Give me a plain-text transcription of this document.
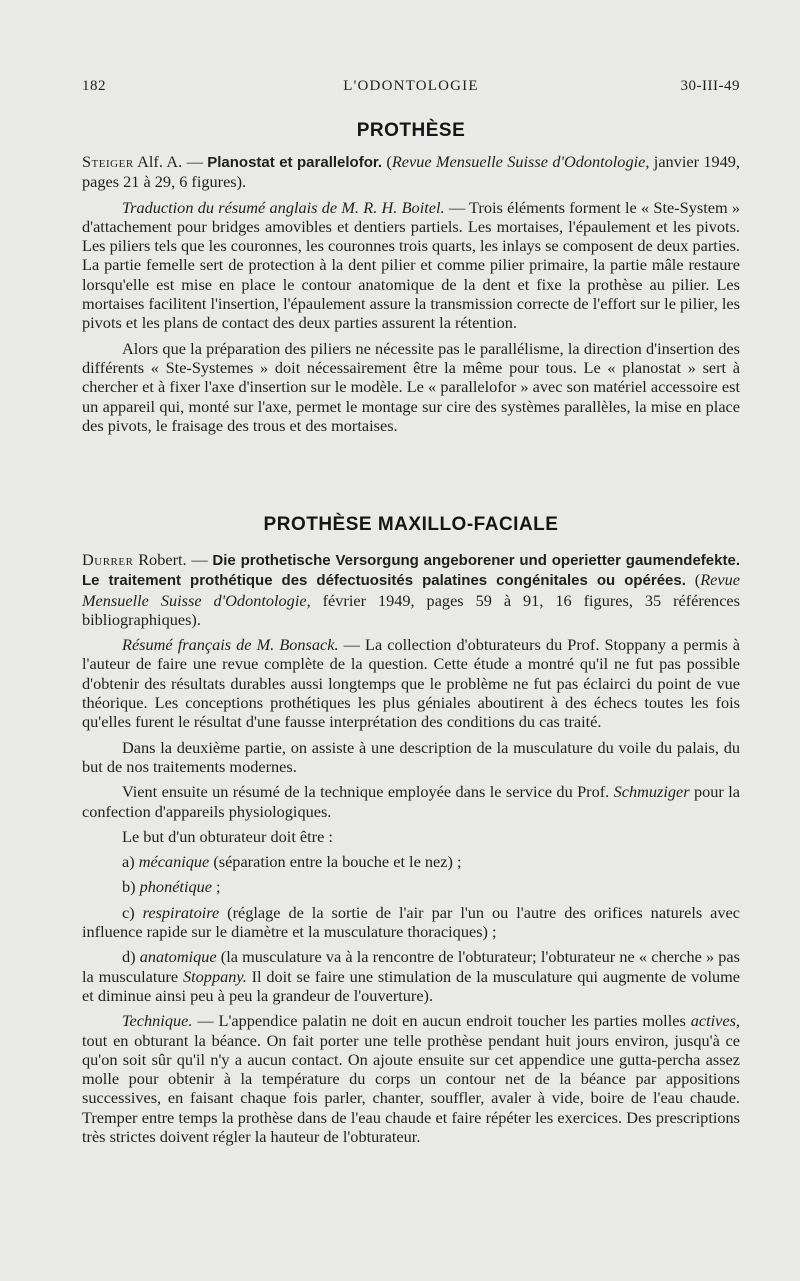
182	L'ODONTOLOGIE	30-III-49
PROTHÈSE

Steiger Alf. A. — Planostat et parallelofor. (Revue Mensuelle Suisse d'Odontologie, janvier 1949, pages 21 à 29, 6 figures).

Traduction du résumé anglais de M. R. H. Boitel. — Trois éléments forment le « Ste-System » d'attachement pour bridges amovibles et dentiers partiels. Les mortaises, l'épaulement et les pivots. Les piliers tels que les couronnes, les couronnes trois quarts, les inlays se composent de deux parties. La partie femelle sert de protection à la dent pilier et comme pilier primaire, la partie mâle restaure lorsqu'elle est mise en place le contour anatomique de la dent et fixe la prothèse au pilier. Les mortaises facilitent l'insertion, l'épaulement assure la transmission correcte de l'effort sur le pilier, les pivots et les plans de contact des deux parties assurent la rétention.

Alors que la préparation des piliers ne nécessite pas le parallélisme, la direction d'insertion des différents « Ste-Systemes » doit nécessairement être la même pour tous. Le « planostat » sert à chercher et à fixer l'axe d'insertion sur le modèle. Le « parallelofor » avec son matériel accessoire est un appareil qui, monté sur l'axe, permet le montage sur cire des systèmes parallèles, la mise en place des pivots, le fraisage des trous et des mortaises.

PROTHÈSE MAXILLO-FACIALE

Durrer Robert. — Die prothetische Versorgung angeborener und operietter gaumendefekte. Le traitement prothétique des défectuosités palatines congénitales ou opérées. (Revue Mensuelle Suisse d'Odontologie, février 1949, pages 59 à 91, 16 figures, 35 références bibliographiques).

Résumé français de M. Bonsack. — La collection d'obturateurs du Prof. Stoppany a permis à l'auteur de faire une revue complète de la question. Cette étude a montré qu'il ne fut pas possible d'obtenir des résultats durables aussi longtemps que le problème ne fut pas éclairci du point de vue théorique. Les conceptions prothétiques les plus géniales aboutirent à des échecs toutes les fois qu'elles furent le résultat d'une fausse interprétation des conditions du cas traité.

Dans la deuxième partie, on assiste à une description de la musculature du voile du palais, du but de nos traitements modernes.

Vient ensuite un résumé de la technique employée dans le service du Prof. Schmuziger pour la confection d'appareils physiologiques.

Le but d'un obturateur doit être :

a) mécanique (séparation entre la bouche et le nez) ;

b) phonétique ;

c) respiratoire (réglage de la sortie de l'air par l'un ou l'autre des orifices naturels avec influence rapide sur le diamètre et la musculature thoraciques) ;

d) anatomique (la musculature va à la rencontre de l'obturateur; l'obturateur ne « cherche » pas la musculature Stoppany. Il doit se faire une stimulation de la musculature qui augmente de volume et diminue ainsi peu à peu la grandeur de l'ouverture).

Technique. — L'appendice palatin ne doit en aucun endroit toucher les parties molles actives, tout en obturant la béance. On fait porter une telle prothèse pendant huit jours environ, jusqu'à ce qu'on soit sûr qu'il n'y a aucun contact. On ajoute ensuite sur cet appendice une gutta-percha assez molle pour obtenir à la température du corps un contour net de la béance par appositions successives, en faisant chaque fois parler, chanter, souffler, avaler à vide, boire de l'eau chaude. Tremper entre temps la prothèse dans de l'eau chaude et faire répéter les exercices. Des prescriptions très strictes doivent régler la hauteur de l'obturateur.
